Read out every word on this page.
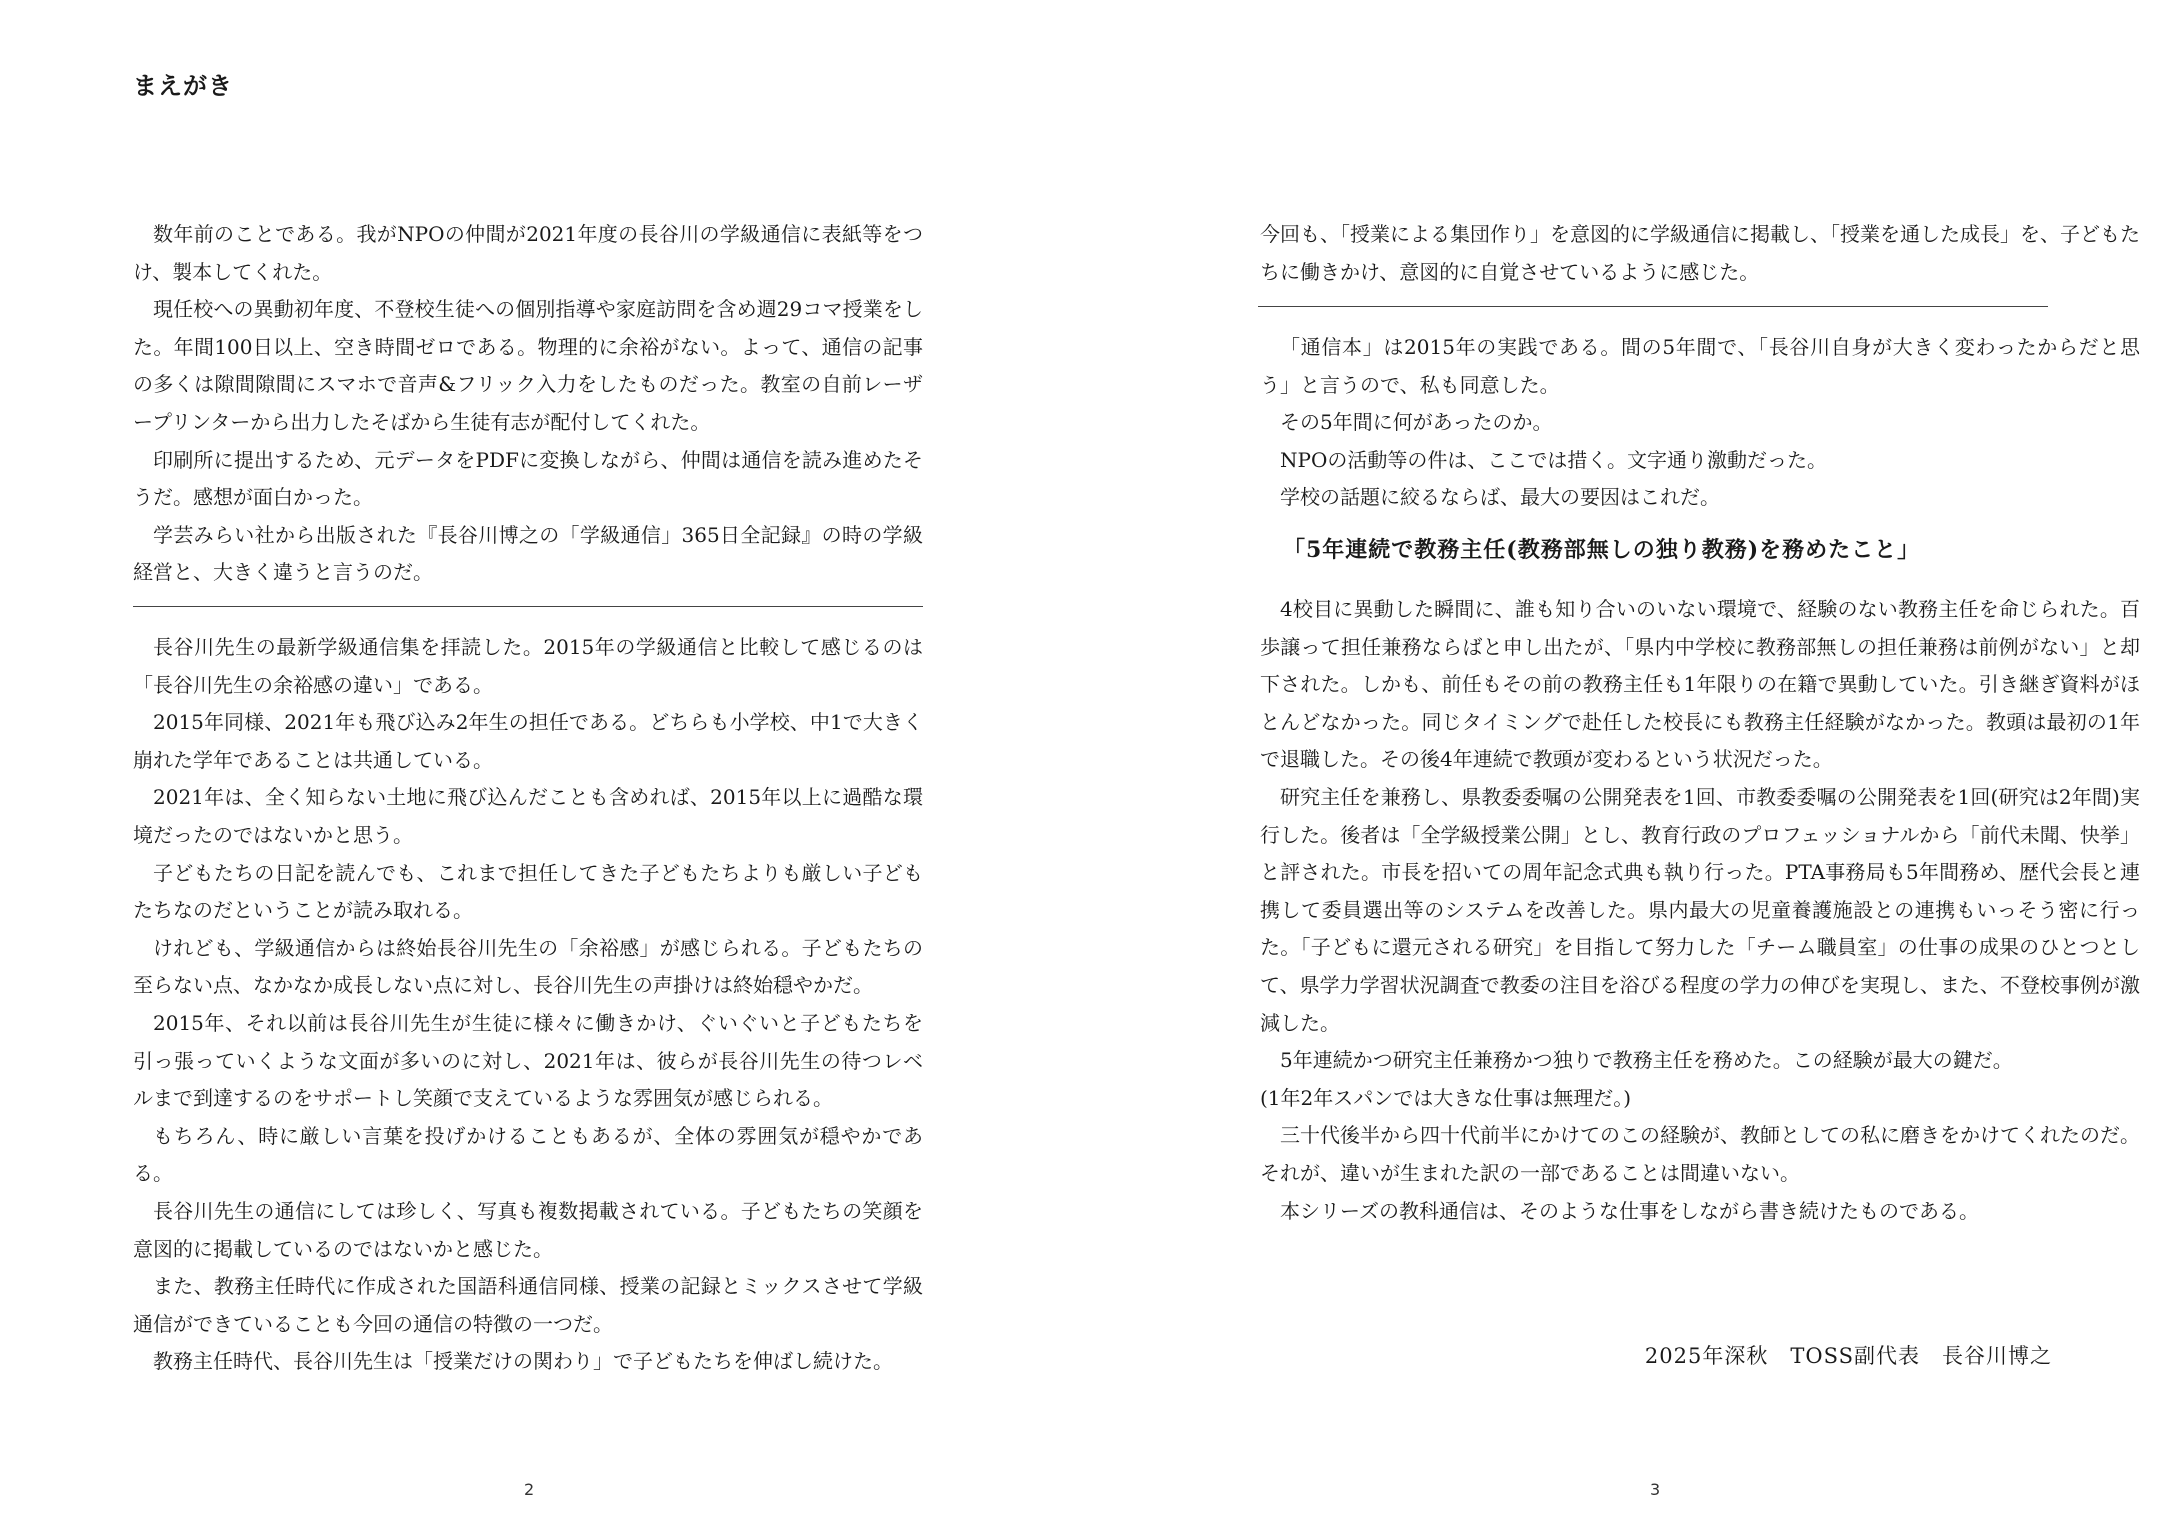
まえがき

数年前のことである。我がNPOの仲間が2021年度の長谷川の学級通信に表紙等をつけ、製本してくれた。

現任校への異動初年度、不登校生徒への個別指導や家庭訪問を含め週29コマ授業をした。年間100日以上、空き時間ゼロである。物理的に余裕がない。よって、通信の記事の多くは隙間隙間にスマホで音声&フリック入力をしたものだった。教室の自前レーザープリンターから出力したそばから生徒有志が配付してくれた。

印刷所に提出するため、元データをPDFに変換しながら、仲間は通信を読み進めたそうだ。感想が面白かった。

学芸みらい社から出版された『長谷川博之の「学級通信」365日全記録』の時の学級経営と、大きく違うと言うのだ。

長谷川先生の最新学級通信集を拝読した。2015年の学級通信と比較して感じるのは「長谷川先生の余裕感の違い」である。

2015年同様、2021年も飛び込み2年生の担任である。どちらも小学校、中1で大きく崩れた学年であることは共通している。

2021年は、全く知らない土地に飛び込んだことも含めれば、2015年以上に過酷な環境だったのではないかと思う。

子どもたちの日記を読んでも、これまで担任してきた子どもたちよりも厳しい子どもたちなのだということが読み取れる。

けれども、学級通信からは終始長谷川先生の「余裕感」が感じられる。子どもたちの至らない点、なかなか成長しない点に対し、長谷川先生の声掛けは終始穏やかだ。

2015年、それ以前は長谷川先生が生徒に様々に働きかけ、ぐいぐいと子どもたちを引っ張っていくような文面が多いのに対し、2021年は、彼らが長谷川先生の待つレベルまで到達するのをサポートし笑顔で支えているような雰囲気が感じられる。

もちろん、時に厳しい言葉を投げかけることもあるが、全体の雰囲気が穏やかである。

長谷川先生の通信にしては珍しく、写真も複数掲載されている。子どもたちの笑顔を意図的に掲載しているのではないかと感じた。

また、教務主任時代に作成された国語科通信同様、授業の記録とミックスさせて学級通信ができていることも今回の通信の特徴の一つだ。

教務主任時代、長谷川先生は「授業だけの関わり」で子どもたちを伸ばし続けた。

2

今回も、「授業による集団作り」を意図的に学級通信に掲載し、「授業を通した成長」を、子どもたちに働きかけ、意図的に自覚させているように感じた。

「通信本」は2015年の実践である。間の5年間で、「長谷川自身が大きく変わったからだと思う」と言うので、私も同意した。

その5年間に何があったのか。

NPOの活動等の件は、ここでは措く。文字通り激動だった。

学校の話題に絞るならば、最大の要因はこれだ。

4校目に異動した瞬間に、誰も知り合いのいない環境で、経験のない教務主任を命じられた。百歩譲って担任兼務ならばと申し出たが、「県内中学校に教務部無しの担任兼務は前例がない」と却下された。しかも、前任もその前の教務主任も1年限りの在籍で異動していた。引き継ぎ資料がほとんどなかった。同じタイミングで赴任した校長にも教務主任経験がなかった。教頭は最初の1年で退職した。その後4年連続で教頭が変わるという状況だった。

研究主任を兼務し、県教委委嘱の公開発表を1回、市教委委嘱の公開発表を1回(研究は2年間)実行した。後者は「全学級授業公開」とし、教育行政のプロフェッショナルから「前代未聞、快挙」と評された。市長を招いての周年記念式典も執り行った。PTA事務局も5年間務め、歴代会長と連携して委員選出等のシステムを改善した。県内最大の児童養護施設との連携もいっそう密に行った。「子どもに還元される研究」を目指して努力した「チーム職員室」の仕事の成果のひとつとして、県学力学習状況調査で教委の注目を浴びる程度の学力の伸びを実現し、また、不登校事例が激減した。

5年連続かつ研究主任兼務かつ独りで教務主任を務めた。この経験が最大の鍵だ。

(1年2年スパンでは大きな仕事は無理だ。)

三十代後半から四十代前半にかけてのこの経験が、教師としての私に磨きをかけてくれたのだ。それが、違いが生まれた訳の一部であることは間違いない。

本シリーズの教科通信は、そのような仕事をしながら書き続けたものである。

3
「5年連続で教務主任(教務部無しの独り教務)を務めたこと」
2025年深秋　TOSS副代表　長谷川博之
